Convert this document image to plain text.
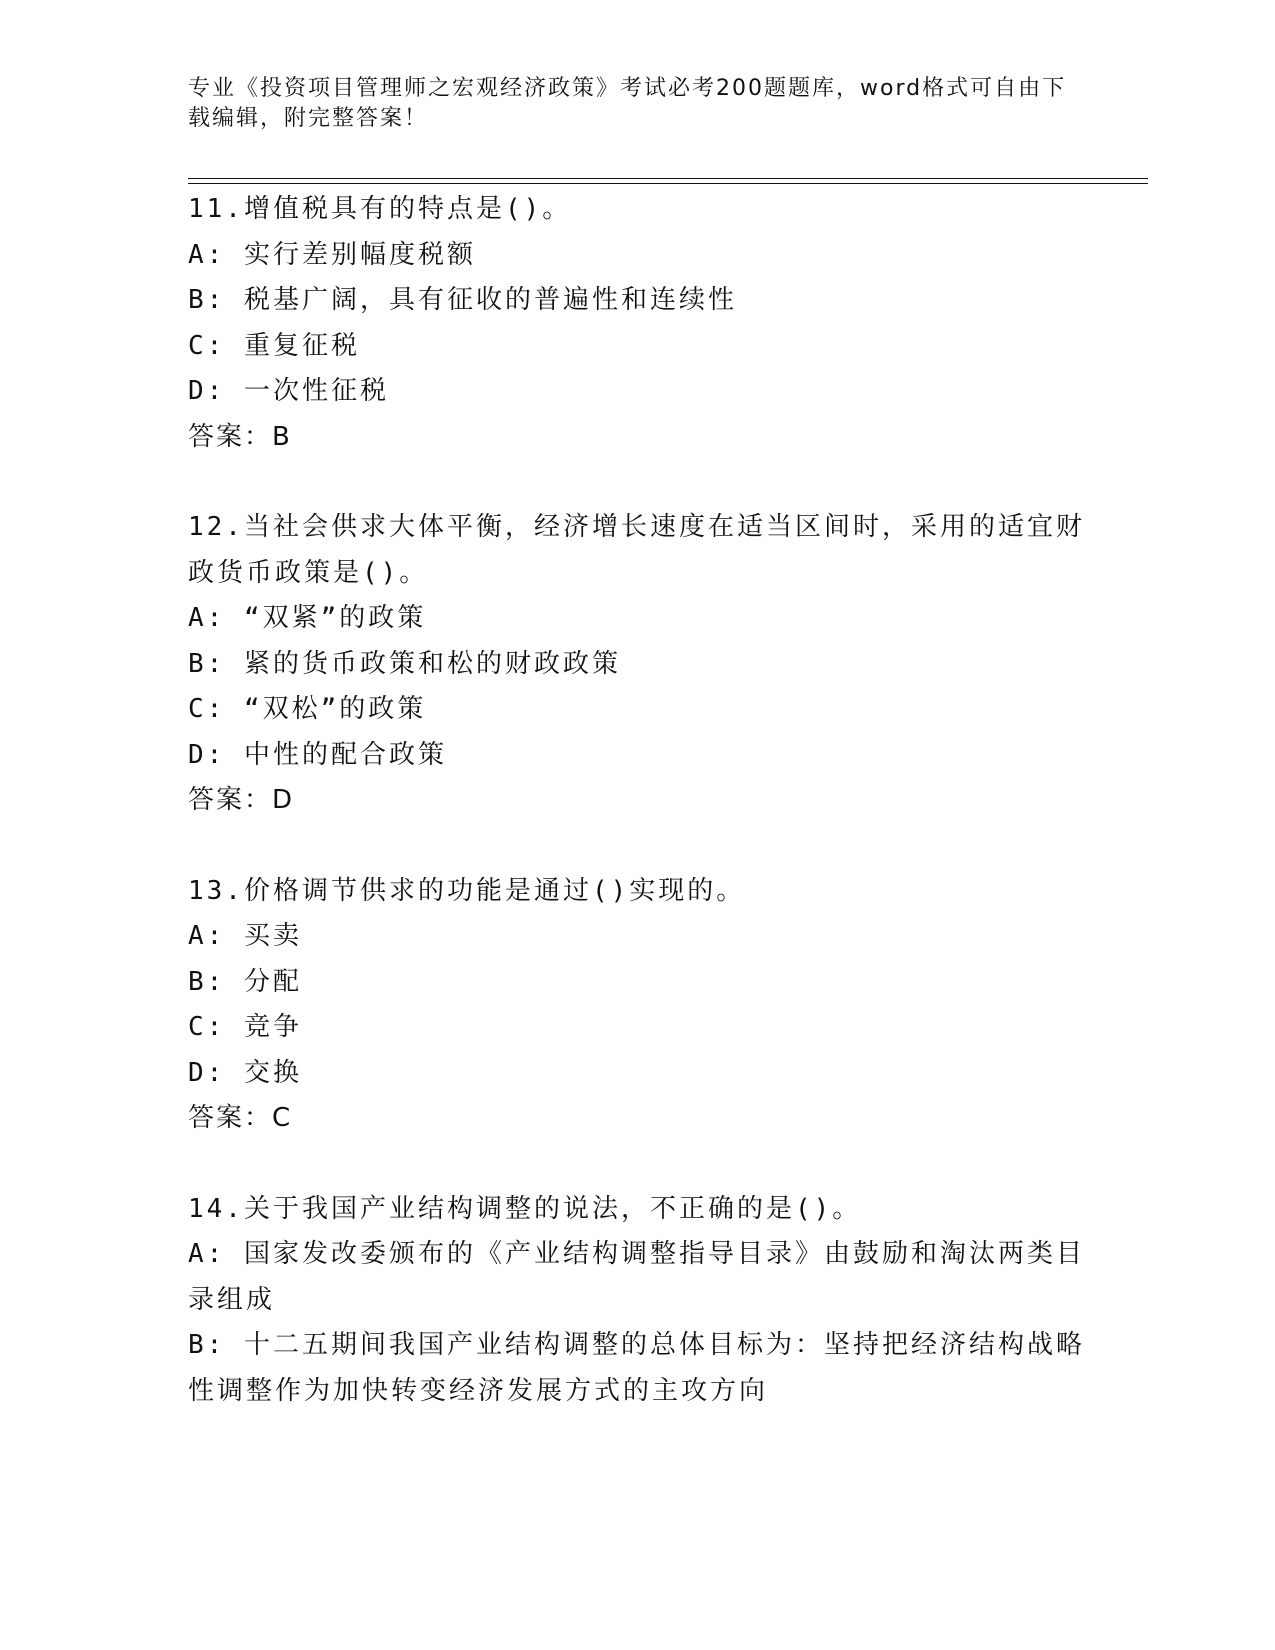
专业《投资项目管理师之宏观经济政策》考试必考200题题库，word格式可自由下载编辑，附完整答案！

11.增值税具有的特点是()。

A: 实行差别幅度税额

B: 税基广阔，具有征收的普遍性和连续性

C: 重复征税

D: 一次性征税

答案：B

12.当社会供求大体平衡，经济增长速度在适当区间时，采用的适宜财政货币政策是()。

A: “双紧”的政策

B: 紧的货币政策和松的财政政策

C: “双松”的政策

D: 中性的配合政策

答案：D

13.价格调节供求的功能是通过()实现的。

A: 买卖

B: 分配

C: 竞争

D: 交换

答案：C

14.关于我国产业结构调整的说法，不正确的是()。

A: 国家发改委颁布的《产业结构调整指导目录》由鼓励和淘汰两类目录组成

B: 十二五期间我国产业结构调整的总体目标为：坚持把经济结构战略性调整作为加快转变经济发展方式的主攻方向
